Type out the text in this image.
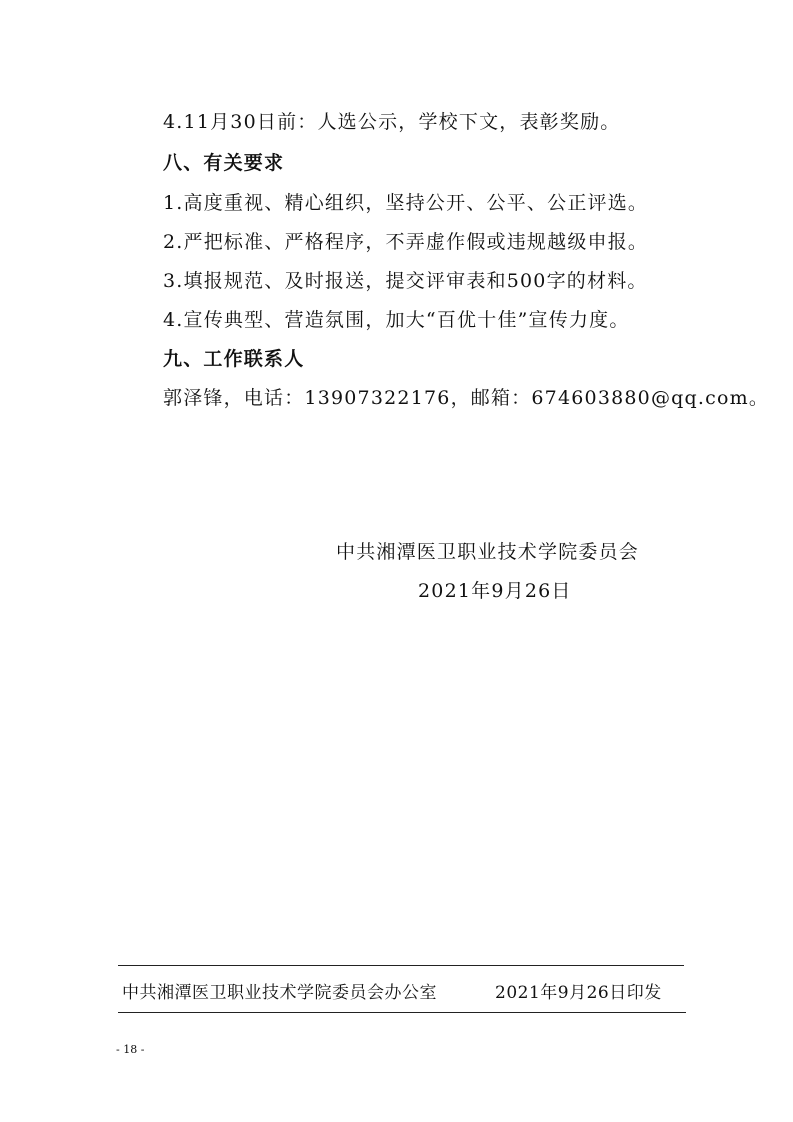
4.11月30日前：人选公示，学校下文，表彰奖励。
八、有关要求
1.高度重视、精心组织，坚持公开、公平、公正评选。
2.严把标准、严格程序，不弄虚作假或违规越级申报。
3.填报规范、及时报送，提交评审表和500字的材料。
4.宣传典型、营造氛围，加大“百优十佳”宣传力度。
九、工作联系人
郭泽锋，电话：13907322176，邮箱：674603880@qq.com。
中共湘潭医卫职业技术学院委员会
2021年9月26日
中共湘潭医卫职业技术学院委员会办公室	2021年9月26日印发
- 18 -
